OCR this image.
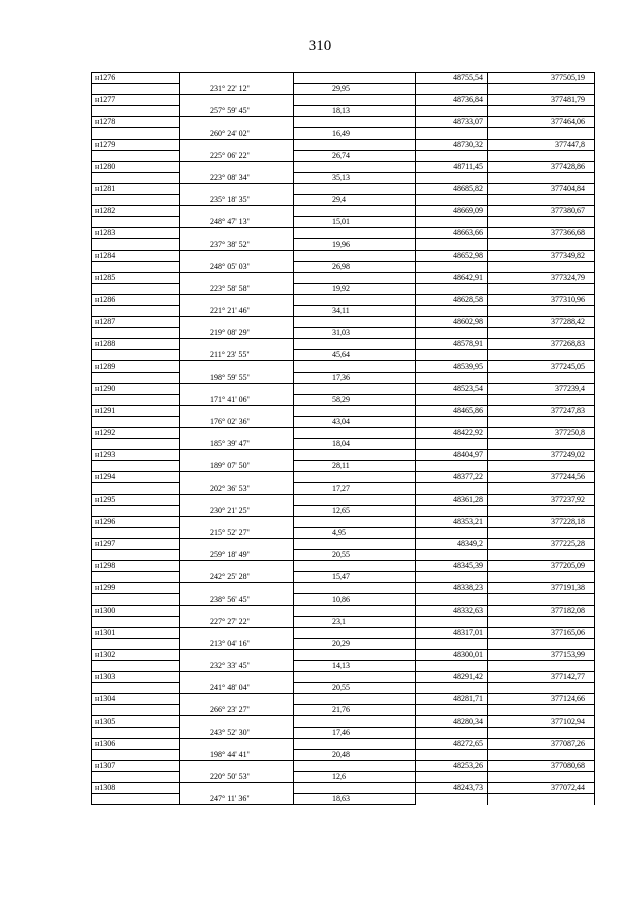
310
н1276			48755,54	377505,19
	231° 22' 12"	29,95		
н1277			48736,84	377481,79
	257° 59' 45"	18,13		
н1278			48733,07	377464,06
	260° 24' 02"	16,49		
н1279			48730,32	377447,8
	225° 06' 22"	26,74		
н1280			48711,45	377428,86
	223° 08' 34"	35,13		
н1281			48685,82	377404,84
	235° 18' 35"	29,4		
н1282			48669,09	377380,67
	248° 47' 13"	15,01		
н1283			48663,66	377366,68
	237° 38' 52"	19,96		
н1284			48652,98	377349,82
	248° 05' 03"	26,98		
н1285			48642,91	377324,79
	223° 58' 58"	19,92		
н1286			48628,58	377310,96
	221° 21' 46"	34,11		
н1287			48602,98	377288,42
	219° 08' 29"	31,03		
н1288			48578,91	377268,83
	211° 23' 55"	45,64		
н1289			48539,95	377245,05
	198° 59' 55"	17,36		
н1290			48523,54	377239,4
	171° 41' 06"	58,29		
н1291			48465,86	377247,83
	176° 02' 36"	43,04		
н1292			48422,92	377250,8
	185° 39' 47"	18,04		
н1293			48404,97	377249,02
	189° 07' 50"	28,11		
н1294			48377,22	377244,56
	202° 36' 53"	17,27		
н1295			48361,28	377237,92
	230° 21' 25"	12,65		
н1296			48353,21	377228,18
	215° 52' 27"	4,95		
н1297			48349,2	377225,28
	259° 18' 49"	20,55		
н1298			48345,39	377205,09
	242° 25' 28"	15,47		
н1299			48338,23	377191,38
	238° 56' 45"	10,86		
н1300			48332,63	377182,08
	227° 27' 22"	23,1		
н1301			48317,01	377165,06
	213° 04' 16"	20,29		
н1302			48300,01	377153,99
	232° 33' 45"	14,13		
н1303			48291,42	377142,77
	241° 48' 04"	20,55		
н1304			48281,71	377124,66
	266° 23' 27"	21,76		
н1305			48280,34	377102,94
	243° 52' 30"	17,46		
н1306			48272,65	377087,26
	198° 44' 41"	20,48		
н1307			48253,26	377080,68
	220° 50' 53"	12,6		
н1308			48243,73	377072,44
	247° 11' 36"	18,63		
